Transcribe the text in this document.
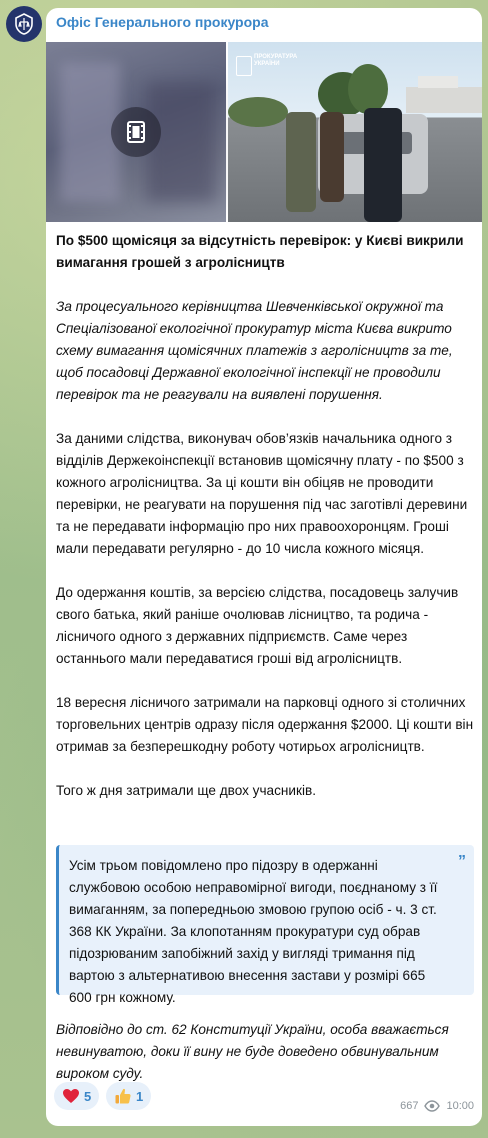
Офіс Генерального прокурора
ПРОКУРАТУРА УКРАЇНИ

По $500 щомісяця за відсутність перевірок: у Києві викрили вимагання грошей з агролісництв

За процесуального керівництва Шевченківської окружної та Спеціалізованої екологічної прокуратур міста Києва викрито схему вимагання щомісячних платежів з агролісництв за те, щоб посадовці Державної екологічної інспекції не проводили перевірок та не реагували на виявлені порушення.

За даними слідства, виконувач обов’язків начальника одного з відділів Держекоінспекції встановив щомісячну плату - по $500 з кожного агролісництва. За ці кошти він обіцяв не проводити перевірки, не реагувати на порушення під час заготівлі деревини та не передавати інформацію про них правоохоронцям. Гроші мали передавати регулярно - до 10 числа кожного місяця.

До одержання коштів, за версією слідства, посадовець залучив свого батька, який раніше очолював лісництво, та родича - лісничого одного з державних підприємств. Саме через останнього мали передаватися гроші від агролісництв.

18 вересня лісничого затримали на парковці одного зі столичних торговельних центрів одразу після одержання $2000. Ці кошти він отримав за безперешкодну роботу чотирьох агролісництв.

Того ж дня затримали ще двох учасників.

”
Усім трьом повідомлено про підозру в одержанні службовою особою неправомірної вигоди, поєднаному з її вимаганням, за попередньою змовою групою осіб - ч. 3 ст. 368 КК України. За клопотанням прокуратури суд обрав підозрюваним запобіжний захід у вигляді тримання під вартою з альтернативою внесення застави у розмірі 665 600 грн кожному.
Відповідно до ст. 62 Конституції України, особа вважається невинуватою, доки її вину не буде доведено обвинувальним вироком суду.
5	1
667	10:00
